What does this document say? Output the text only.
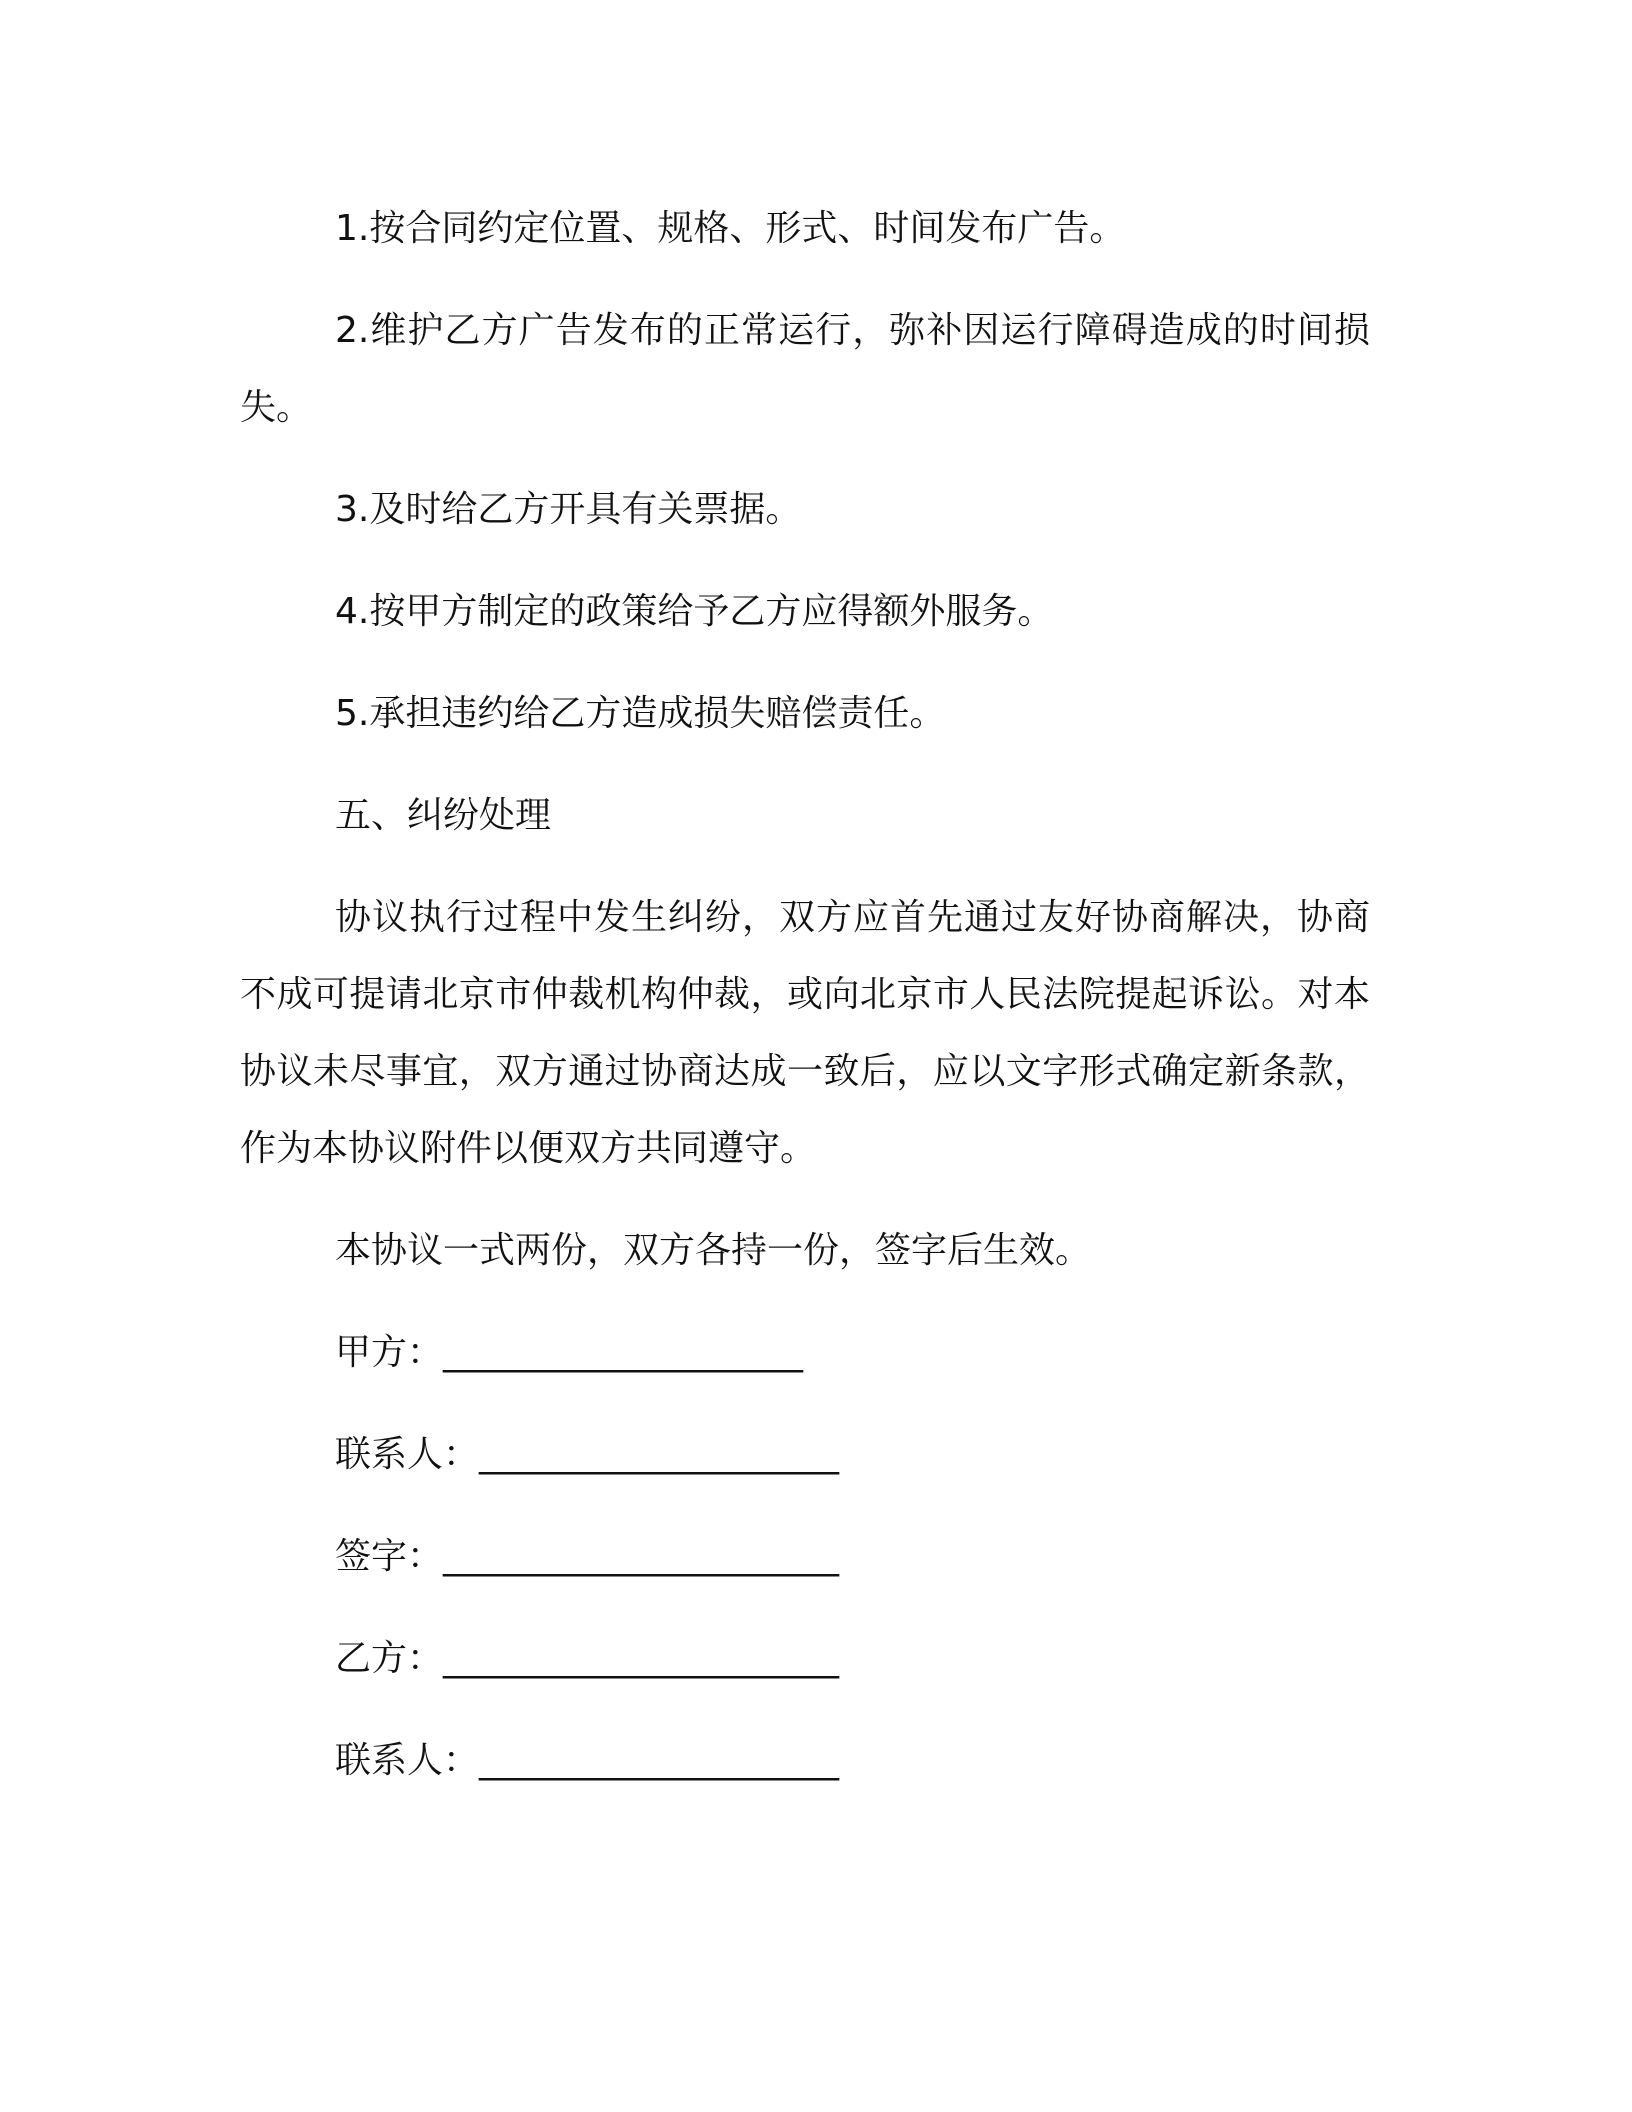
1.按合同约定位置、规格、形式、时间发布广告。

2.维护乙方广告发布的正常运行，弥补因运行障碍造成的时间损失。

3.及时给乙方开具有关票据。

4.按甲方制定的政策给予乙方应得额外服务。

5.承担违约给乙方造成损失赔偿责任。

五、纠纷处理

协议执行过程中发生纠纷，双方应首先通过友好协商解决，协商不成可提请北京市仲裁机构仲裁，或向北京市人民法院提起诉讼。对本协议未尽事宜，双方通过协商达成一致后，应以文字形式确定新条款，作为本协议附件以便双方共同遵守。

本协议一式两份，双方各持一份，签字后生效。

甲方：____________________
联系人：____________________
签字：______________________
乙方：______________________
联系人：____________________
